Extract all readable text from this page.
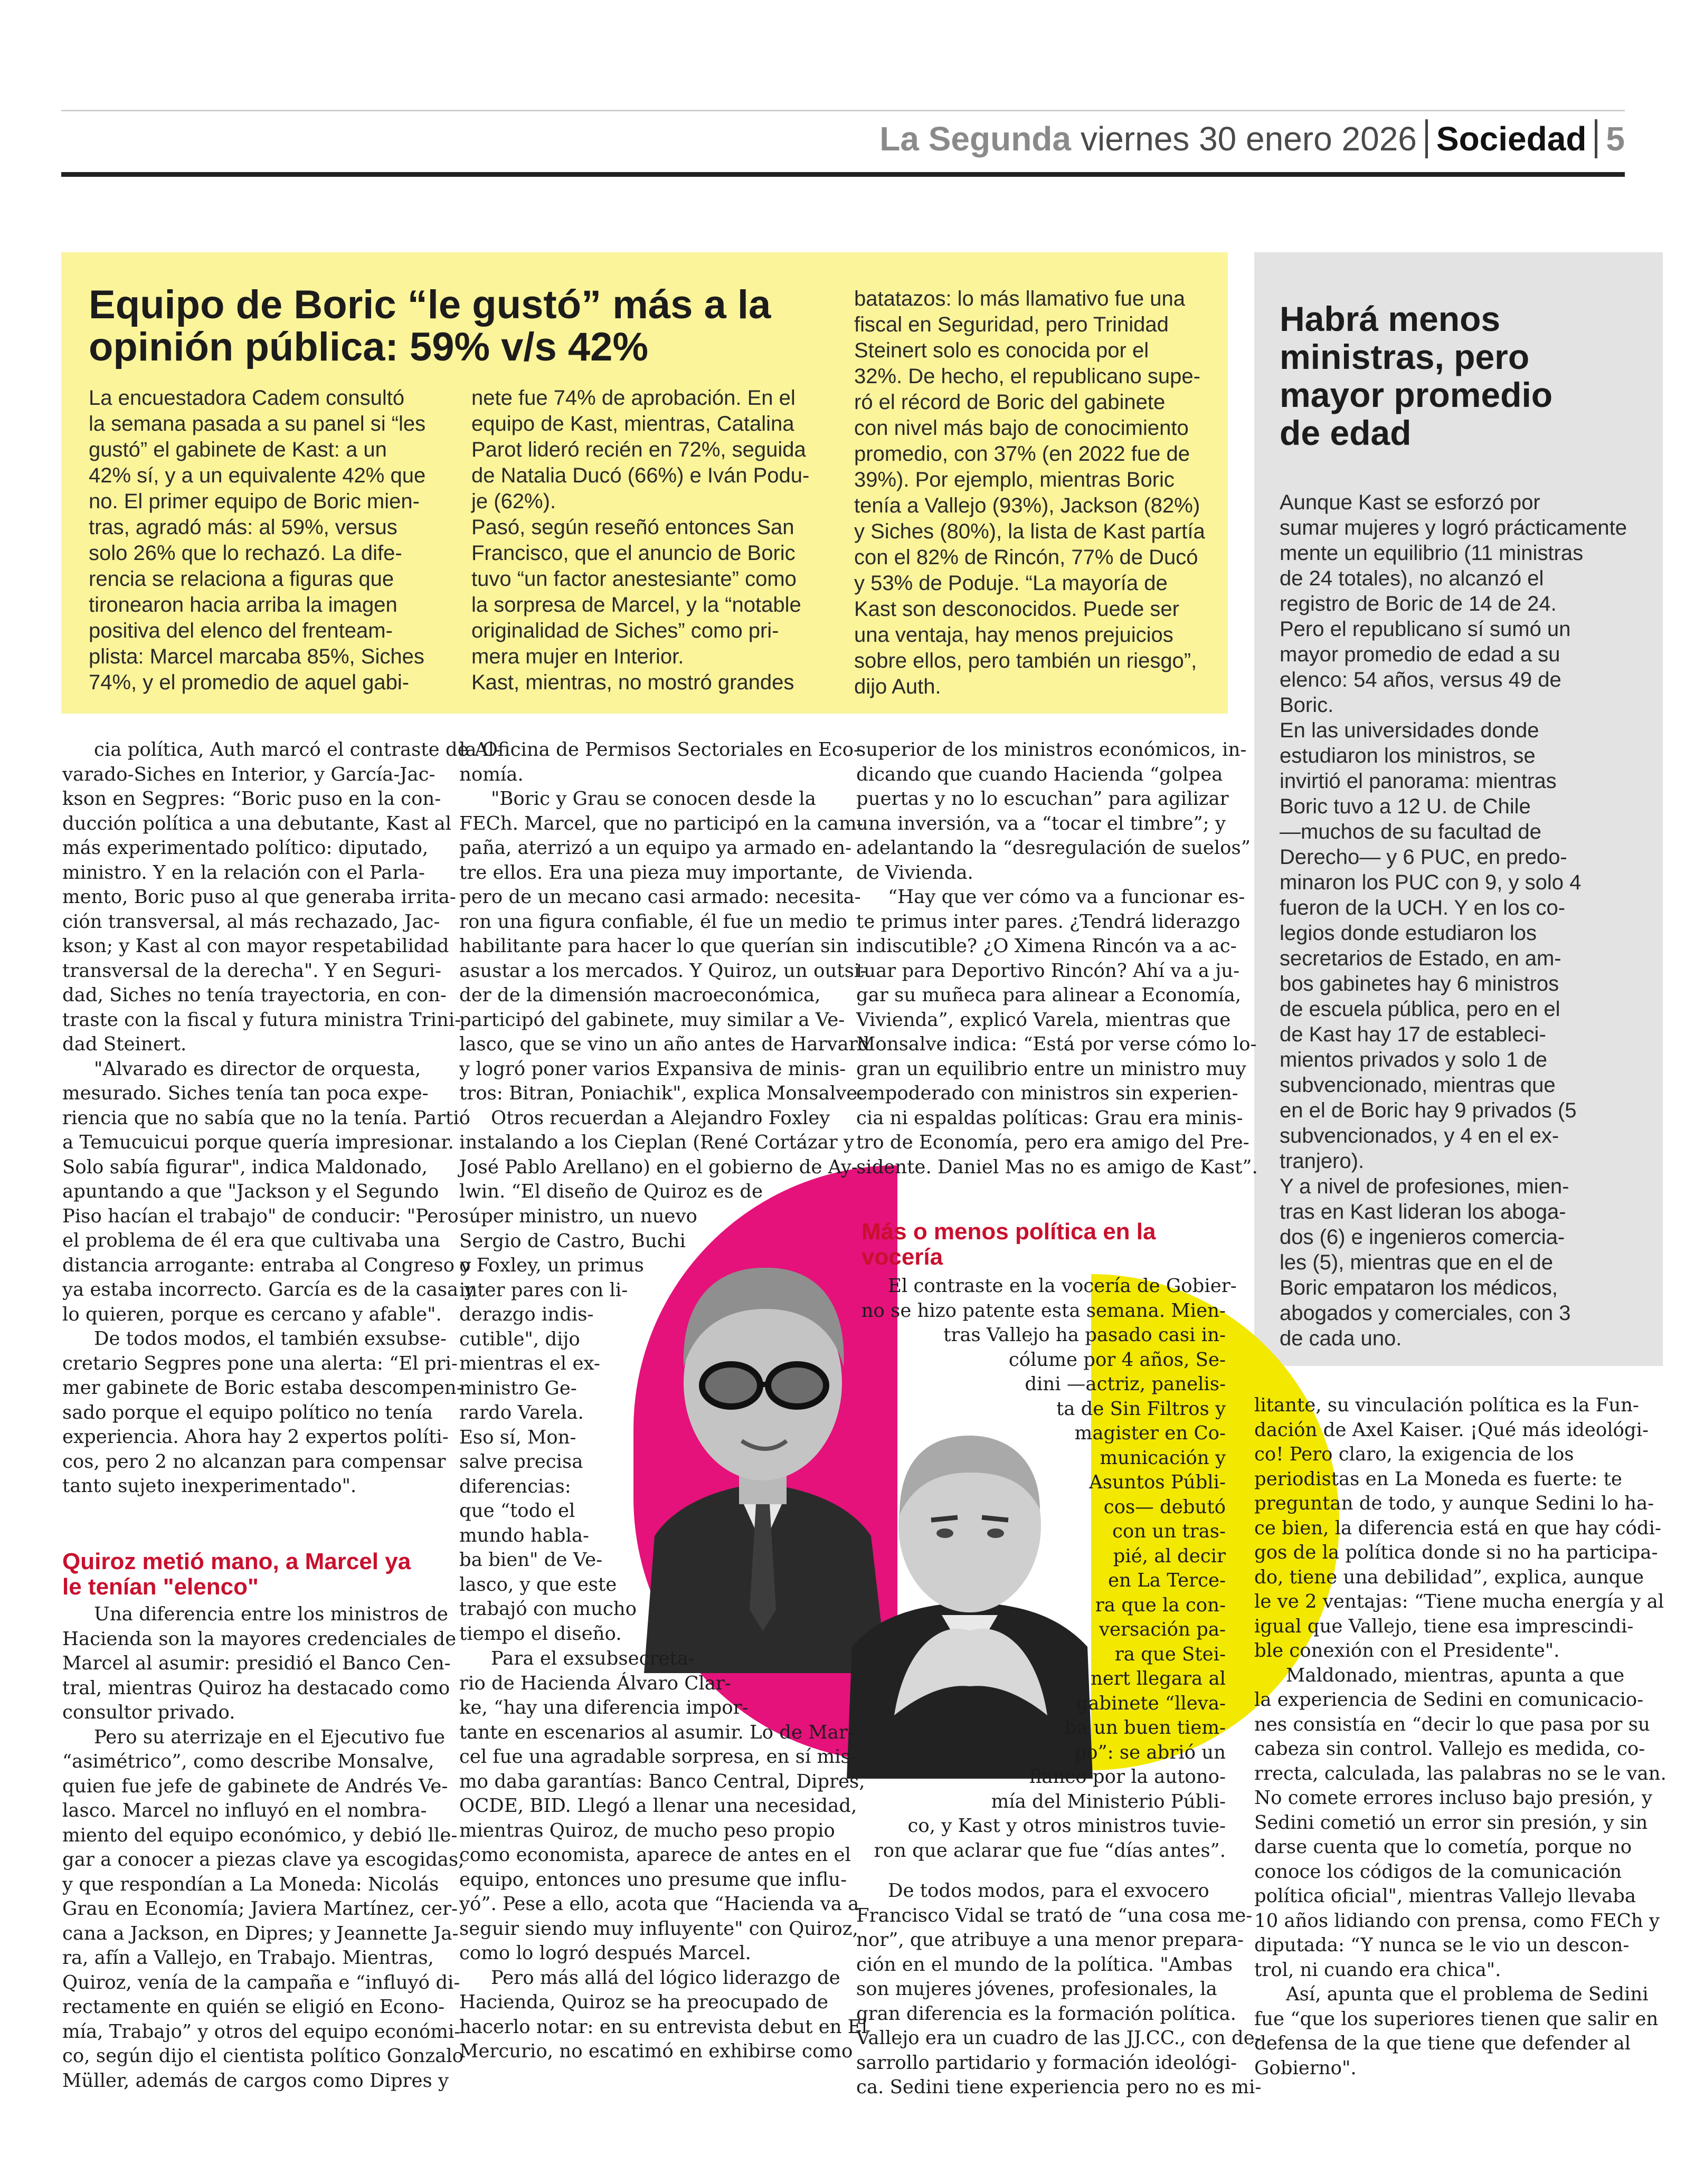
La Segunda viernes 30 enero 2026 Sociedad 5
Equipo de Boric “le gustó” más a la
opinión pública: 59% v/s 42%
La encuestadora Cadem consultó
la semana pasada a su panel si “les
gustó” el gabinete de Kast: a un
42% sí, y a un equivalente 42% que
no. El primer equipo de Boric mien-
tras, agradó más: al 59%, versus
solo 26% que lo rechazó. La dife-
rencia se relaciona a figuras que
tironearon hacia arriba la imagen
positiva del elenco del frenteam-
plista: Marcel marcaba 85%, Siches
74%, y el promedio de aquel gabi-
nete fue 74% de aprobación. En el
equipo de Kast, mientras, Catalina
Parot lideró recién en 72%, seguida
de Natalia Ducó (66%) e Iván Podu-
je (62%).
Pasó, según reseñó entonces San
Francisco, que el anuncio de Boric
tuvo “un factor anestesiante” como
la sorpresa de Marcel, y la “notable
originalidad de Siches” como pri-
mera mujer en Interior.
Kast, mientras, no mostró grandes
batatazos: lo más llamativo fue una
fiscal en Seguridad, pero Trinidad
Steinert solo es conocida por el
32%. De hecho, el republicano supe-
ró el récord de Boric del gabinete
con nivel más bajo de conocimiento
promedio, con 37% (en 2022 fue de
39%). Por ejemplo, mientras Boric
tenía a Vallejo (93%), Jackson (82%)
y Siches (80%), la lista de Kast partía
con el 82% de Rincón, 77% de Ducó
y 53% de Poduje. “La mayoría de
Kast son desconocidos. Puede ser
una ventaja, hay menos prejuicios
sobre ellos, pero también un riesgo”,
dijo Auth.
Habrá menos
ministras, pero
mayor promedio
de edad
Aunque Kast se esforzó por
sumar mujeres y logró prácticamente
mente un equilibrio (11 ministras
de 24 totales), no alcanzó el
registro de Boric de 14 de 24.
Pero el republicano sí sumó un
mayor promedio de edad a su
elenco: 54 años, versus 49 de
Boric.
En las universidades donde
estudiaron los ministros, se
invirtió el panorama: mientras
Boric tuvo a 12 U. de Chile
—muchos de su facultad de
Derecho— y 6 PUC, en predo-
minaron los PUC con 9, y solo 4
fueron de la UCH. Y en los co-
legios donde estudiaron los
secretarios de Estado, en am-
bos gabinetes hay 6 ministros
de escuela pública, pero en el
de Kast hay 17 de estableci-
mientos privados y solo 1 de
subvencionado, mientras que
en el de Boric hay 9 privados (5
subvencionados, y 4 en el ex-
tranjero).
Y a nivel de profesiones, mien-
tras en Kast lideran los aboga-
dos (6) e ingenieros comercia-
les (5), mientras que en el de
Boric empataron los médicos,
abogados y comerciales, con 3
de cada uno.
cia política, Auth marcó el contraste de Al-
varado-Siches en Interior, y García-Jac-
kson en Segpres: “Boric puso en la con-
ducción política a una debutante, Kast al
más experimentado político: diputado,
ministro. Y en la relación con el Parla-
mento, Boric puso al que generaba irrita-
ción transversal, al más rechazado, Jac-
kson; y Kast al con mayor respetabilidad
transversal de la derecha". Y en Seguri-
dad, Siches no tenía trayectoria, en con-
traste con la fiscal y futura ministra Trini-
dad Steinert.
"Alvarado es director de orquesta,
mesurado. Siches tenía tan poca expe-
riencia que no sabía que no la tenía. Partió
a Temucuicui porque quería impresionar.
Solo sabía figurar", indica Maldonado,
apuntando a que "Jackson y el Segundo
Piso hacían el trabajo" de conducir: "Pero
el problema de él era que cultivaba una
distancia arrogante: entraba al Congreso y
ya estaba incorrecto. García es de la casa y
lo quieren, porque es cercano y afable".
De todos modos, el también exsubse-
cretario Segpres pone una alerta: “El pri-
mer gabinete de Boric estaba descompen-
sado porque el equipo político no tenía
experiencia. Ahora hay 2 expertos políti-
cos, pero 2 no alcanzan para compensar
tanto sujeto inexperimentado".
Quiroz metió mano, a Marcel ya
le tenían "elenco"
Una diferencia entre los ministros de
Hacienda son la mayores credenciales de
Marcel al asumir: presidió el Banco Cen-
tral, mientras Quiroz ha destacado como
consultor privado.
Pero su aterrizaje en el Ejecutivo fue
“asimétrico”, como describe Monsalve,
quien fue jefe de gabinete de Andrés Ve-
lasco. Marcel no influyó en el nombra-
miento del equipo económico, y debió lle-
gar a conocer a piezas clave ya escogidas,
y que respondían a La Moneda: Nicolás
Grau en Economía; Javiera Martínez, cer-
cana a Jackson, en Dipres; y Jeannette Ja-
ra, afín a Vallejo, en Trabajo. Mientras,
Quiroz, venía de la campaña e “influyó di-
rectamente en quién se eligió en Econo-
mía, Trabajo” y otros del equipo económi-
co, según dijo el cientista político Gonzalo
Müller, además de cargos como Dipres y
la Oficina de Permisos Sectoriales en Eco-
nomía.
"Boric y Grau se conocen desde la
FECh. Marcel, que no participó en la cam-
paña, aterrizó a un equipo ya armado en-
tre ellos. Era una pieza muy importante,
pero de un mecano casi armado: necesita-
ron una figura confiable, él fue un medio
habilitante para hacer lo que querían sin
asustar a los mercados. Y Quiroz, un outsi-
der de la dimensión macroeconómica,
participó del gabinete, muy similar a Ve-
lasco, que se vino un año antes de Harvard
y logró poner varios Expansiva de minis-
tros: Bitran, Poniachik", explica Monsalve.
Otros recuerdan a Alejandro Foxley
instalando a los Cieplan (René Cortázar y
José Pablo Arellano) en el gobierno de Ay-
lwin. “El diseño de Quiroz es de
súper ministro, un nuevo
Sergio de Castro, Buchi
o Foxley, un primus
inter pares con li-
derazgo indis-
cutible", dijo
mientras el ex-
ministro Ge-
rardo Varela.
Eso sí, Mon-
salve precisa
diferencias:
que “todo el
mundo habla-
ba bien" de Ve-
lasco, y que este
trabajó con mucho
tiempo el diseño.
Para el exsubsecreta-
rio de Hacienda Álvaro Clar-
ke, “hay una diferencia impor-
tante en escenarios al asumir. Lo de Mar-
cel fue una agradable sorpresa, en sí mis-
mo daba garantías: Banco Central, Dipres,
OCDE, BID. Llegó a llenar una necesidad,
mientras Quiroz, de mucho peso propio
como economista, aparece de antes en el
equipo, entonces uno presume que influ-
yó”. Pese a ello, acota que “Hacienda va a
seguir siendo muy influyente" con Quiroz,
como lo logró después Marcel.
Pero más allá del lógico liderazgo de
Hacienda, Quiroz se ha preocupado de
hacerlo notar: en su entrevista debut en El
Mercurio, no escatimó en exhibirse como
superior de los ministros económicos, in-
dicando que cuando Hacienda “golpea
puertas y no lo escuchan” para agilizar
una inversión, va a “tocar el timbre”; y
adelantando la “desregulación de suelos”
de Vivienda.
“Hay que ver cómo va a funcionar es-
te primus inter pares. ¿Tendrá liderazgo
indiscutible? ¿O Ximena Rincón va a ac-
tuar para Deportivo Rincón? Ahí va a ju-
gar su muñeca para alinear a Economía,
Vivienda”, explicó Varela, mientras que
Monsalve indica: “Está por verse cómo lo-
gran un equilibrio entre un ministro muy
empoderado con ministros sin experien-
cia ni espaldas políticas: Grau era minis-
tro de Economía, pero era amigo del Pre-
sidente. Daniel Mas no es amigo de Kast”.
Más o menos política en la
vocería
El contraste en la vocería de Gobier-
no se hizo patente esta semana. Mien-
tras Vallejo ha pasado casi in-
cólume por 4 años, Se-
dini —actriz, panelis-
ta de Sin Filtros y
magister en Co-
municación y
Asuntos Públi-
cos— debutó
con un tras-
pié, al decir
en La Terce-
ra que la con-
versación pa-
ra que Stei-
nert llegara al
gabinete “lleva-
ba un buen tiem-
po”: se abrió un
flanco por la autono-
mía del Ministerio Públi-
co, y Kast y otros ministros tuvie-
ron que aclarar que fue “días antes”.
De todos modos, para el exvocero
Francisco Vidal se trató de “una cosa me-
nor”, que atribuye a una menor prepara-
ción en el mundo de la política. "Ambas
son mujeres jóvenes, profesionales, la
gran diferencia es la formación política.
Vallejo era un cuadro de las JJ.CC., con de-
sarrollo partidario y formación ideológi-
ca. Sedini tiene experiencia pero no es mi-
litante, su vinculación política es la Fun-
dación de Axel Kaiser. ¡Qué más ideológi-
co! Pero claro, la exigencia de los
periodistas en La Moneda es fuerte: te
preguntan de todo, y aunque Sedini lo ha-
ce bien, la diferencia está en que hay códi-
gos de la política donde si no ha participa-
do, tiene una debilidad”, explica, aunque
le ve 2 ventajas: “Tiene mucha energía y al
igual que Vallejo, tiene esa imprescindi-
ble conexión con el Presidente".
Maldonado, mientras, apunta a que
la experiencia de Sedini en comunicacio-
nes consistía en “decir lo que pasa por su
cabeza sin control. Vallejo es medida, co-
rrecta, calculada, las palabras no se le van.
No comete errores incluso bajo presión, y
Sedini cometió un error sin presión, y sin
darse cuenta que lo cometía, porque no
conoce los códigos de la comunicación
política oficial", mientras Vallejo llevaba
10 años lidiando con prensa, como FECh y
diputada: “Y nunca se le vio un descon-
trol, ni cuando era chica".
Así, apunta que el problema de Sedini
fue “que los superiores tienen que salir en
defensa de la que tiene que defender al
Gobierno".
